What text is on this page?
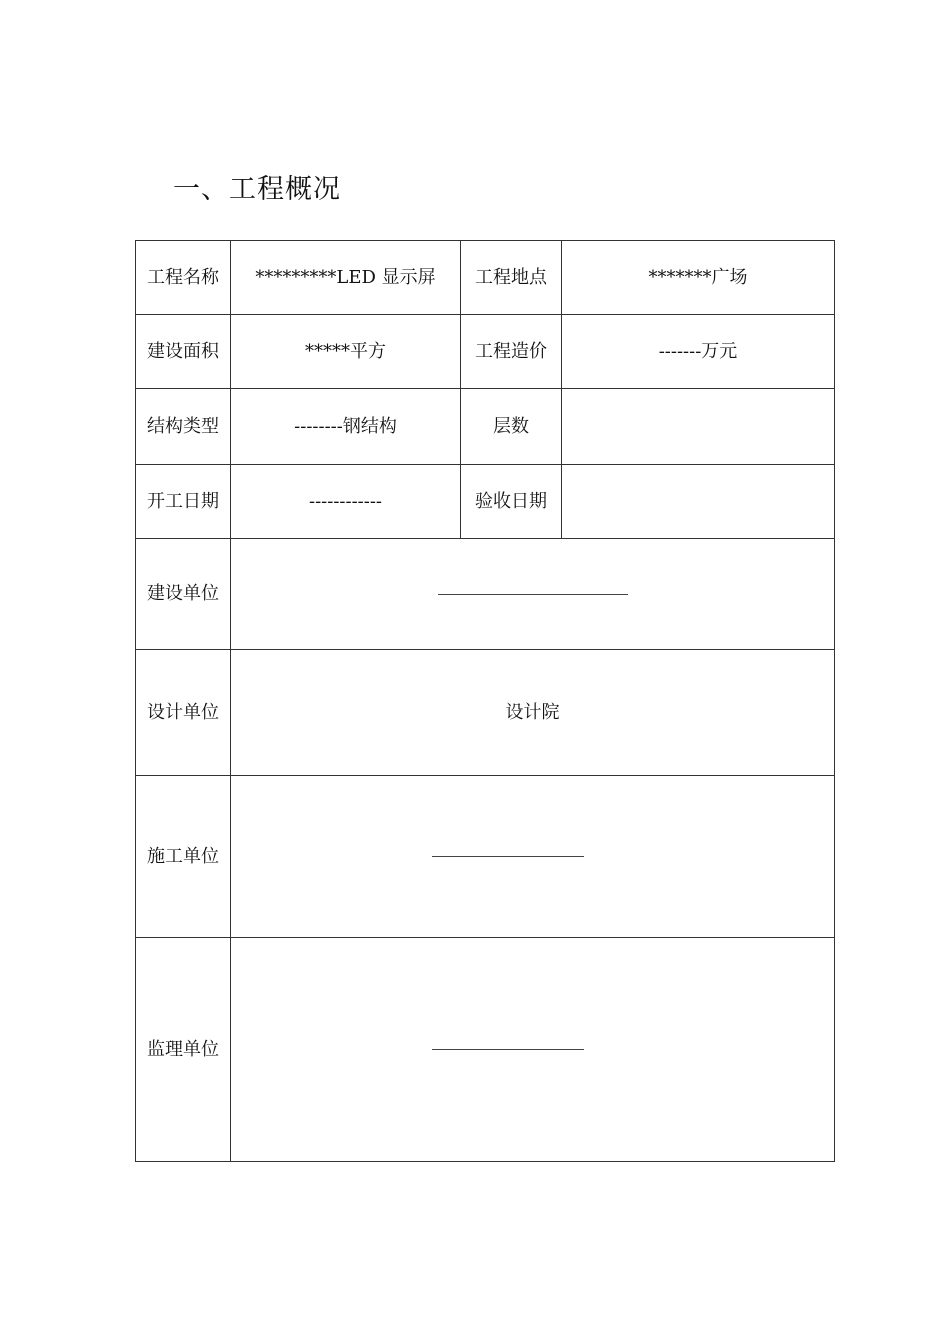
一、工程概况
工程名称	*********LED 显示屏	工程地点	*******广场
建设面积	*****平方	工程造价	-------万元
结构类型	--------钢结构	层数	
开工日期	------------	验收日期	
建设单位			
设计单位	设计院		
施工单位			
监理单位			
